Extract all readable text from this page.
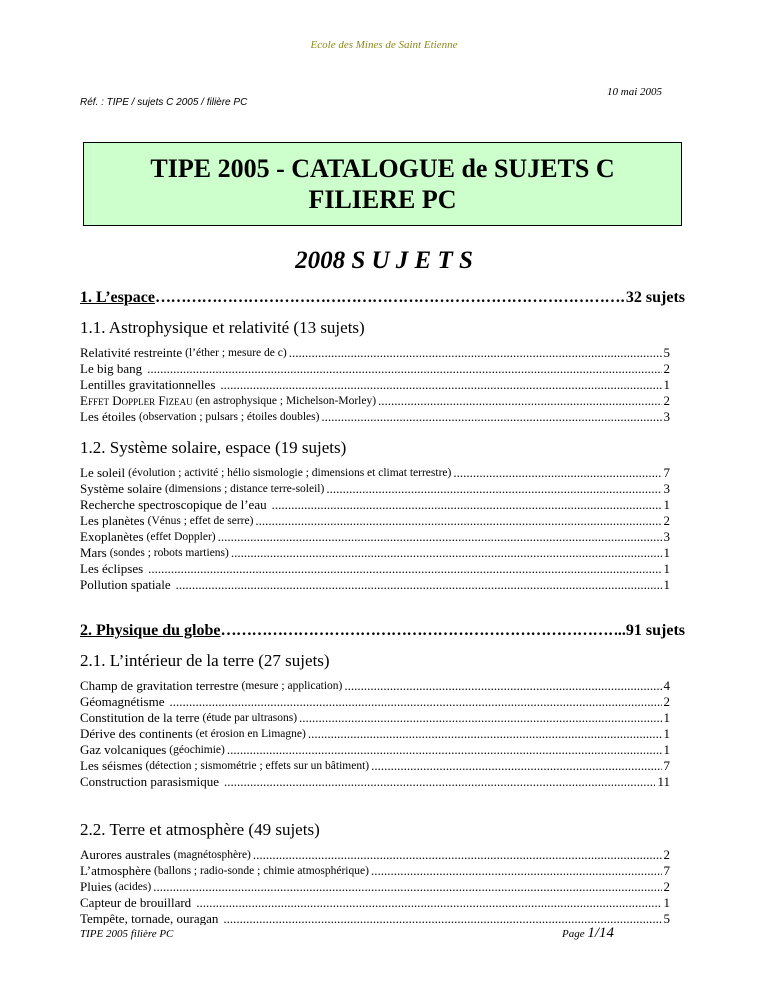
Ecole des Mines de Saint Etienne
10 mai 2005
Réf. : TIPE / sujets C 2005 / filière PC
TIPE 2005 - CATALOGUE de SUJETS C
FILIERE PC
2008 S U J E T S
1. L’espace …………………………………………………………………………………………………………………………	32 sujets
1.1. Astrophysique et relativité (13 sujets)
Relativité restreinte (l’éther ; mesure de c) .....	5
Le big bang .....	2
Lentilles gravitationnelles .....	1
Effet Doppler Fizeau (en astrophysique ; Michelson-Morley) .....	2
Les étoiles (observation ; pulsars ; étoiles doubles) .....	3
1.2. Système solaire, espace (19 sujets)
Le soleil (évolution ; activité ; hélio sismologie ; dimensions et climat terrestre) .....	7
Système solaire (dimensions ; distance terre-soleil) .....	3
Recherche spectroscopique de l’eau .....	1
Les planètes (Vénus ; effet de serre) .....	2
Exoplanètes (effet Doppler) .....	3
Mars (sondes ; robots martiens) .....	1
Les éclipses .....	1
Pollution spatiale .....	1
2. Physique du globe …………………………………………………………………………………………………………………………	..91 sujets
2.1. L’intérieur de la terre (27 sujets)
Champ de gravitation terrestre (mesure ; application) .....	4
Géomagnétisme .....	2
Constitution de la terre (étude par ultrasons) .....	1
Dérive des continents (et érosion en Limagne) .....	1
Gaz volcaniques (géochimie) .....	1
Les séismes (détection ; sismométrie ; effets sur un bâtiment) .....	7
Construction parasismique .....	11
2.2. Terre et atmosphère (49 sujets)
Aurores australes (magnétosphère) .....	2
L’atmosphère (ballons ; radio-sonde ; chimie atmosphérique) .....	7
Pluies (acides) .....	2
Capteur de brouillard .....	1
Tempête, tornade, ouragan .....	5
TIPE 2005 filière PC	Page 1/14
